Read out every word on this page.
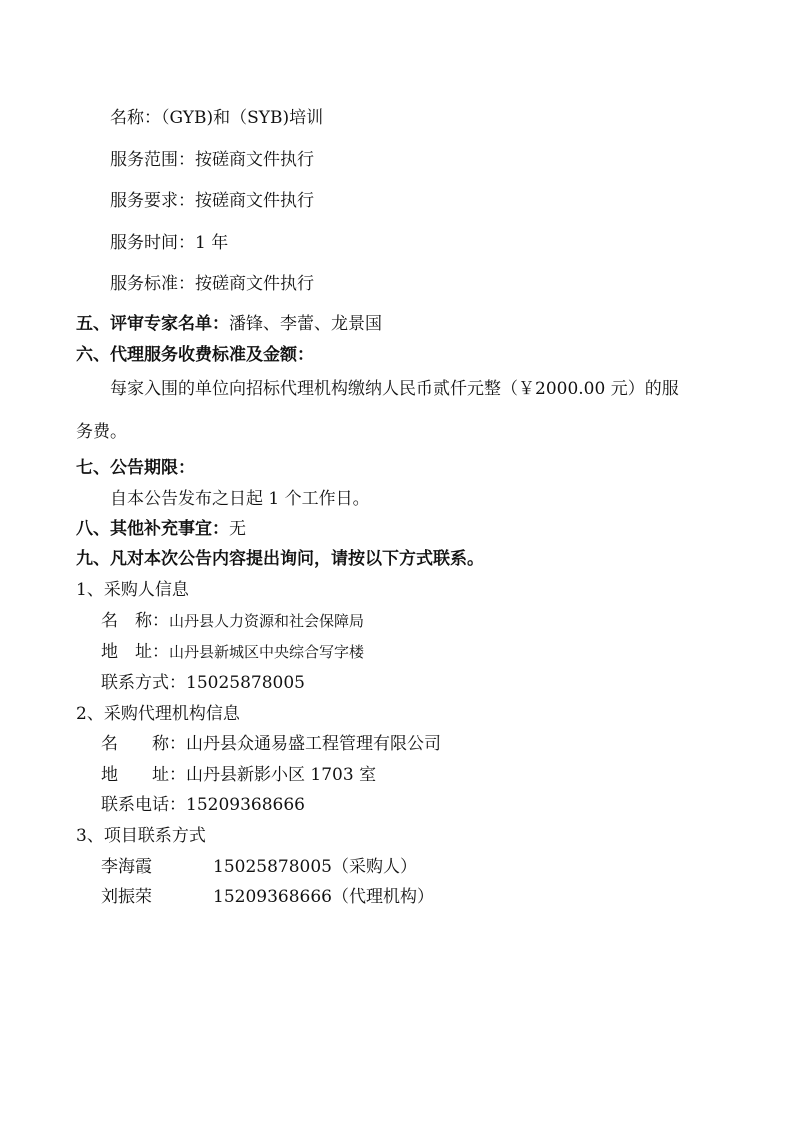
名称：（GYB)和（SYB)培训
服务范围：按磋商文件执行
服务要求：按磋商文件执行
服务时间：1 年
服务标准：按磋商文件执行
五、评审专家名单：潘锋、李蕾、龙景国
六、代理服务收费标准及金额：
每家入围的单位向招标代理机构缴纳人民币贰仟元整（￥2000.00 元）的服
务费。
七、公告期限：
自本公告发布之日起 1 个工作日。
八、其他补充事宜：无
九、凡对本次公告内容提出询问，请按以下方式联系。
1、采购人信息
名　称：山丹县人力资源和社会保障局
地　址：山丹县新城区中央综合写字楼
联系方式：15025878005
2、采购代理机构信息
名　　称：山丹县众通易盛工程管理有限公司
地　　址：山丹县新影小区 1703 室
联系电话：15209368666
3、项目联系方式
李海霞	15025878005（采购人）
刘振荣	15209368666（代理机构）
